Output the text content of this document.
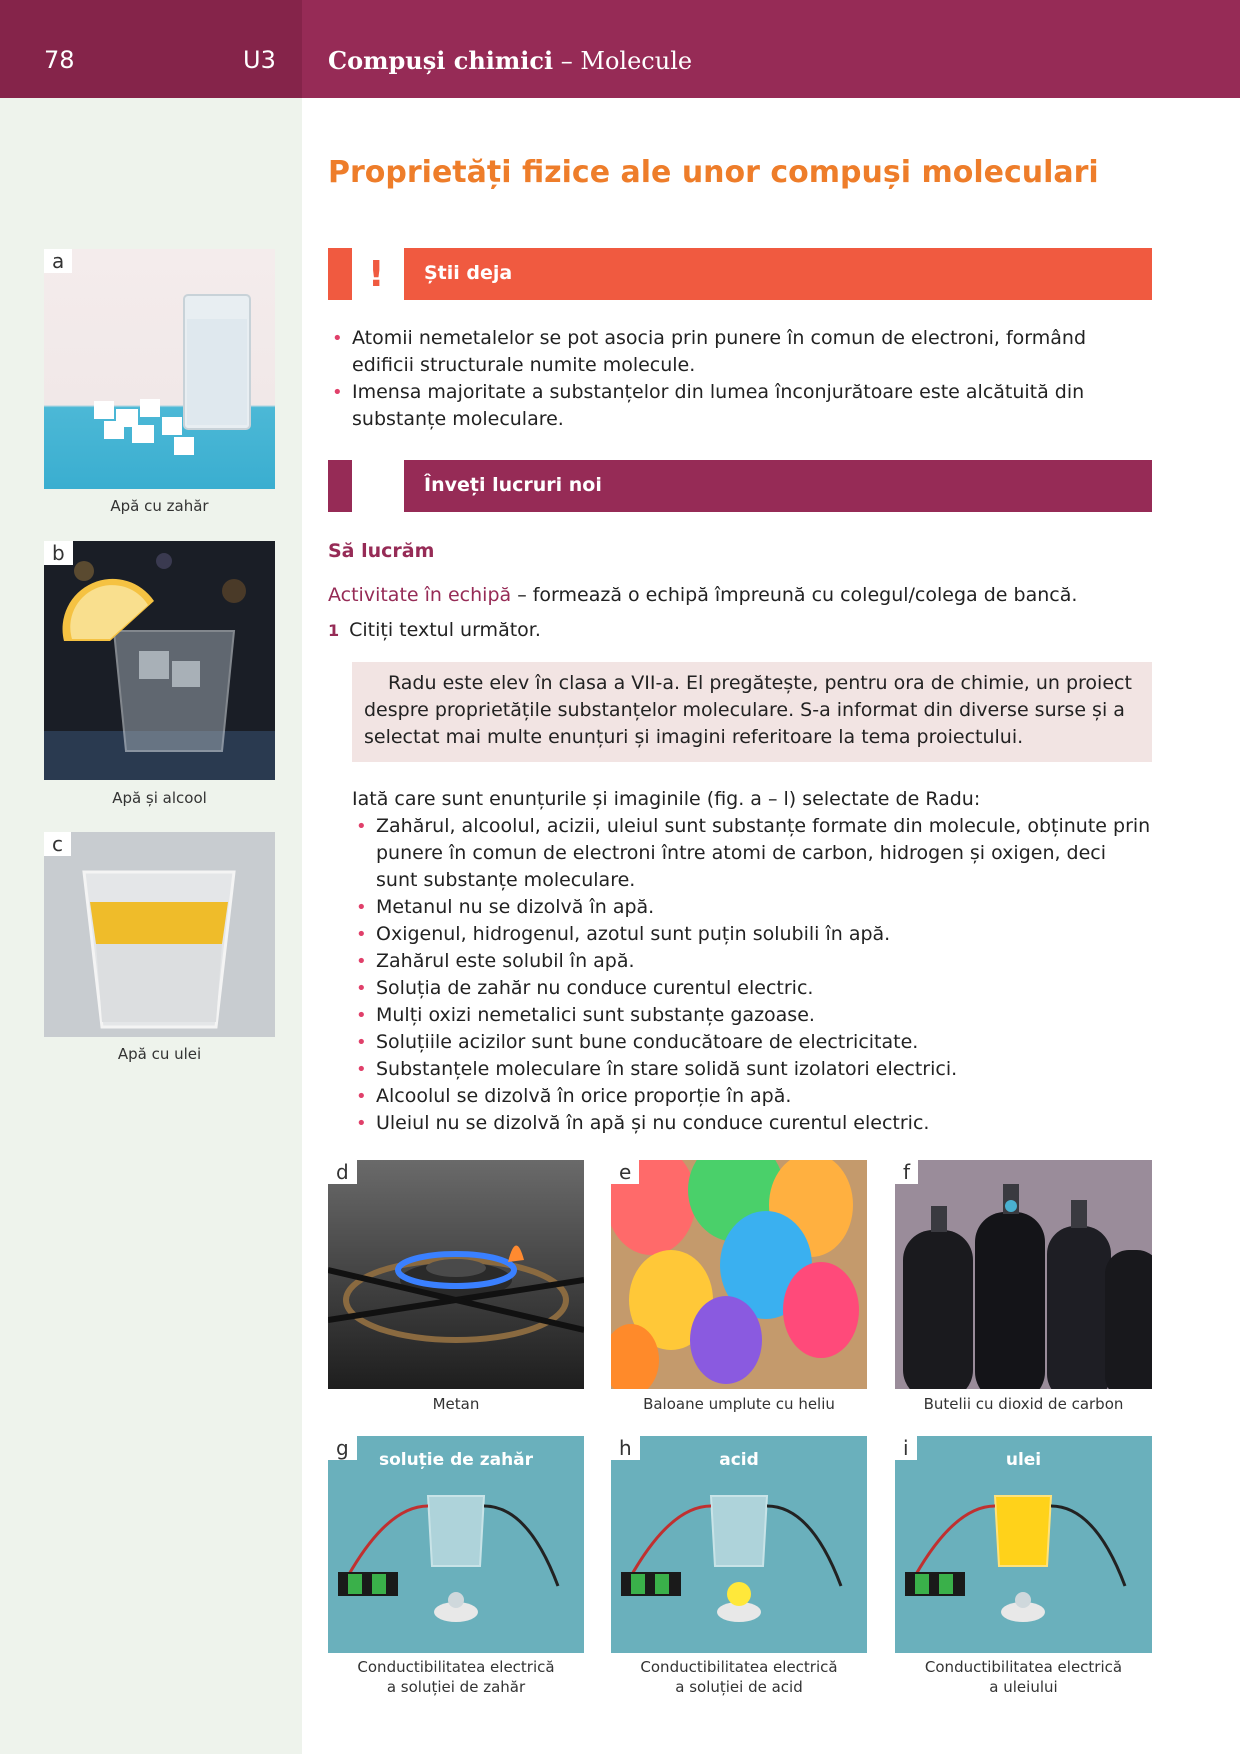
78	U3 Compuși chimici – Molecule
Proprietăți fizice ale unor compuși moleculari
! Știi deja
• Atomii nemetalelor se pot asocia prin punere în comun de electroni, formând edificii structurale numite molecule.
• Imensa majoritate a substanțelor din lumea înconjurătoare este alcătuită din substanțe moleculare.
Înveți lucruri noi
Să lucrăm
Activitate în echipă – formează o echipă împreună cu colegul/colega de bancă.
1 Citiți textul următor.
Radu este elev în clasa a VII-a. El pregătește, pentru ora de chimie, un proiect despre proprietățile substanțelor moleculare. S-a informat din diverse surse și a selectat mai multe enunțuri și imagini referitoare la tema proiectului.
Iată care sunt enunțurile și imaginile (fig. a – l) selectate de Radu:
• Zahărul, alcoolul, acizii, uleiul sunt substanțe formate din molecule, obținute prin punere în comun de electroni între atomi de carbon, hidrogen și oxigen, deci sunt substanțe moleculare.
• Metanul nu se dizolvă în apă.
• Oxigenul, hidrogenul, azotul sunt puțin solubili în apă.
• Zahărul este solubil în apă.
• Soluția de zahăr nu conduce curentul electric.
• Mulți oxizi nemetalici sunt substanțe gazoase.
• Soluțiile acizilor sunt bune conducătoare de electricitate.
• Substanțele moleculare în stare solidă sunt izolatori electrici.
• Alcoolul se dizolvă în orice proporție în apă.
• Uleiul nu se dizolvă în apă și nu conduce curentul electric.
a
Apă cu zahăr
b
Apă și alcool
c
Apă cu ulei
d
Metan
e
Baloane umplute cu heliu
f
Butelii cu dioxid de carbon
soluție de zahăr
g
Conductibilitatea electrică
a soluției de zahăr
acid
h
Conductibilitatea electrică
a soluției de acid
ulei
i
Conductibilitatea electrică
a uleiului
